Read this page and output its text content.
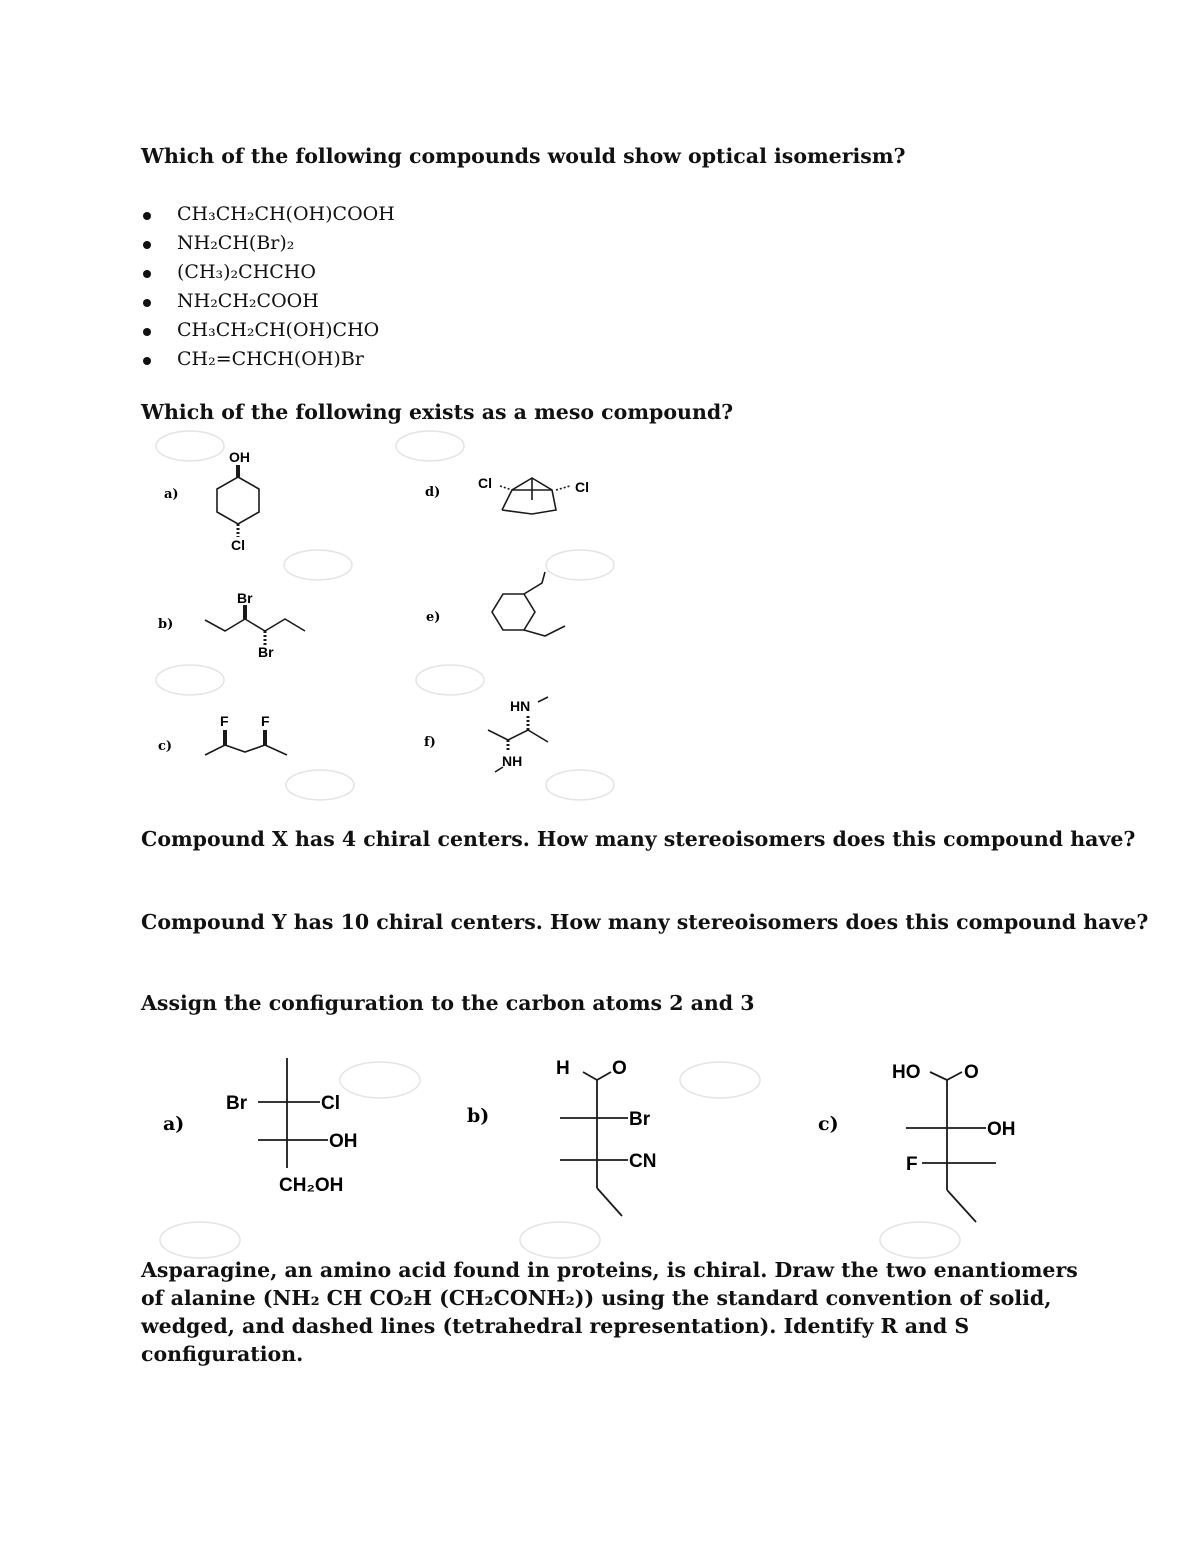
Which of the following compounds would show optical isomerism?

CH₃CH₂CH(OH)COOH
NH₂CH(Br)₂
(CH₃)₂CHCHO
NH₂CH₂COOH
CH₃CH₂CH(OH)CHO
CH₂=CHCH(OH)Br

Which of the following exists as a meso compound?

a)
b)
c)
d)
e)
f)
OH
Cl
Br
Br
F F
Cl	Cl
HN
NH
a)	b)	c)
Br	Cl
OH
CH₂OH
H O
Br
CN
HO O
OH
F

Compound X has 4 chiral centers. How many stereoisomers does this compound have?

Compound Y has 10 chiral centers. How many stereoisomers does this compound have?

Assign the configuration to the carbon atoms 2 and 3

Asparagine, an amino acid found in proteins, is chiral. Draw the two enantiomers of alanine (NH₂ CH CO₂H (CH₂CONH₂)) using the standard convention of solid, wedged, and dashed lines (tetrahedral representation). Identify R and S configuration.
